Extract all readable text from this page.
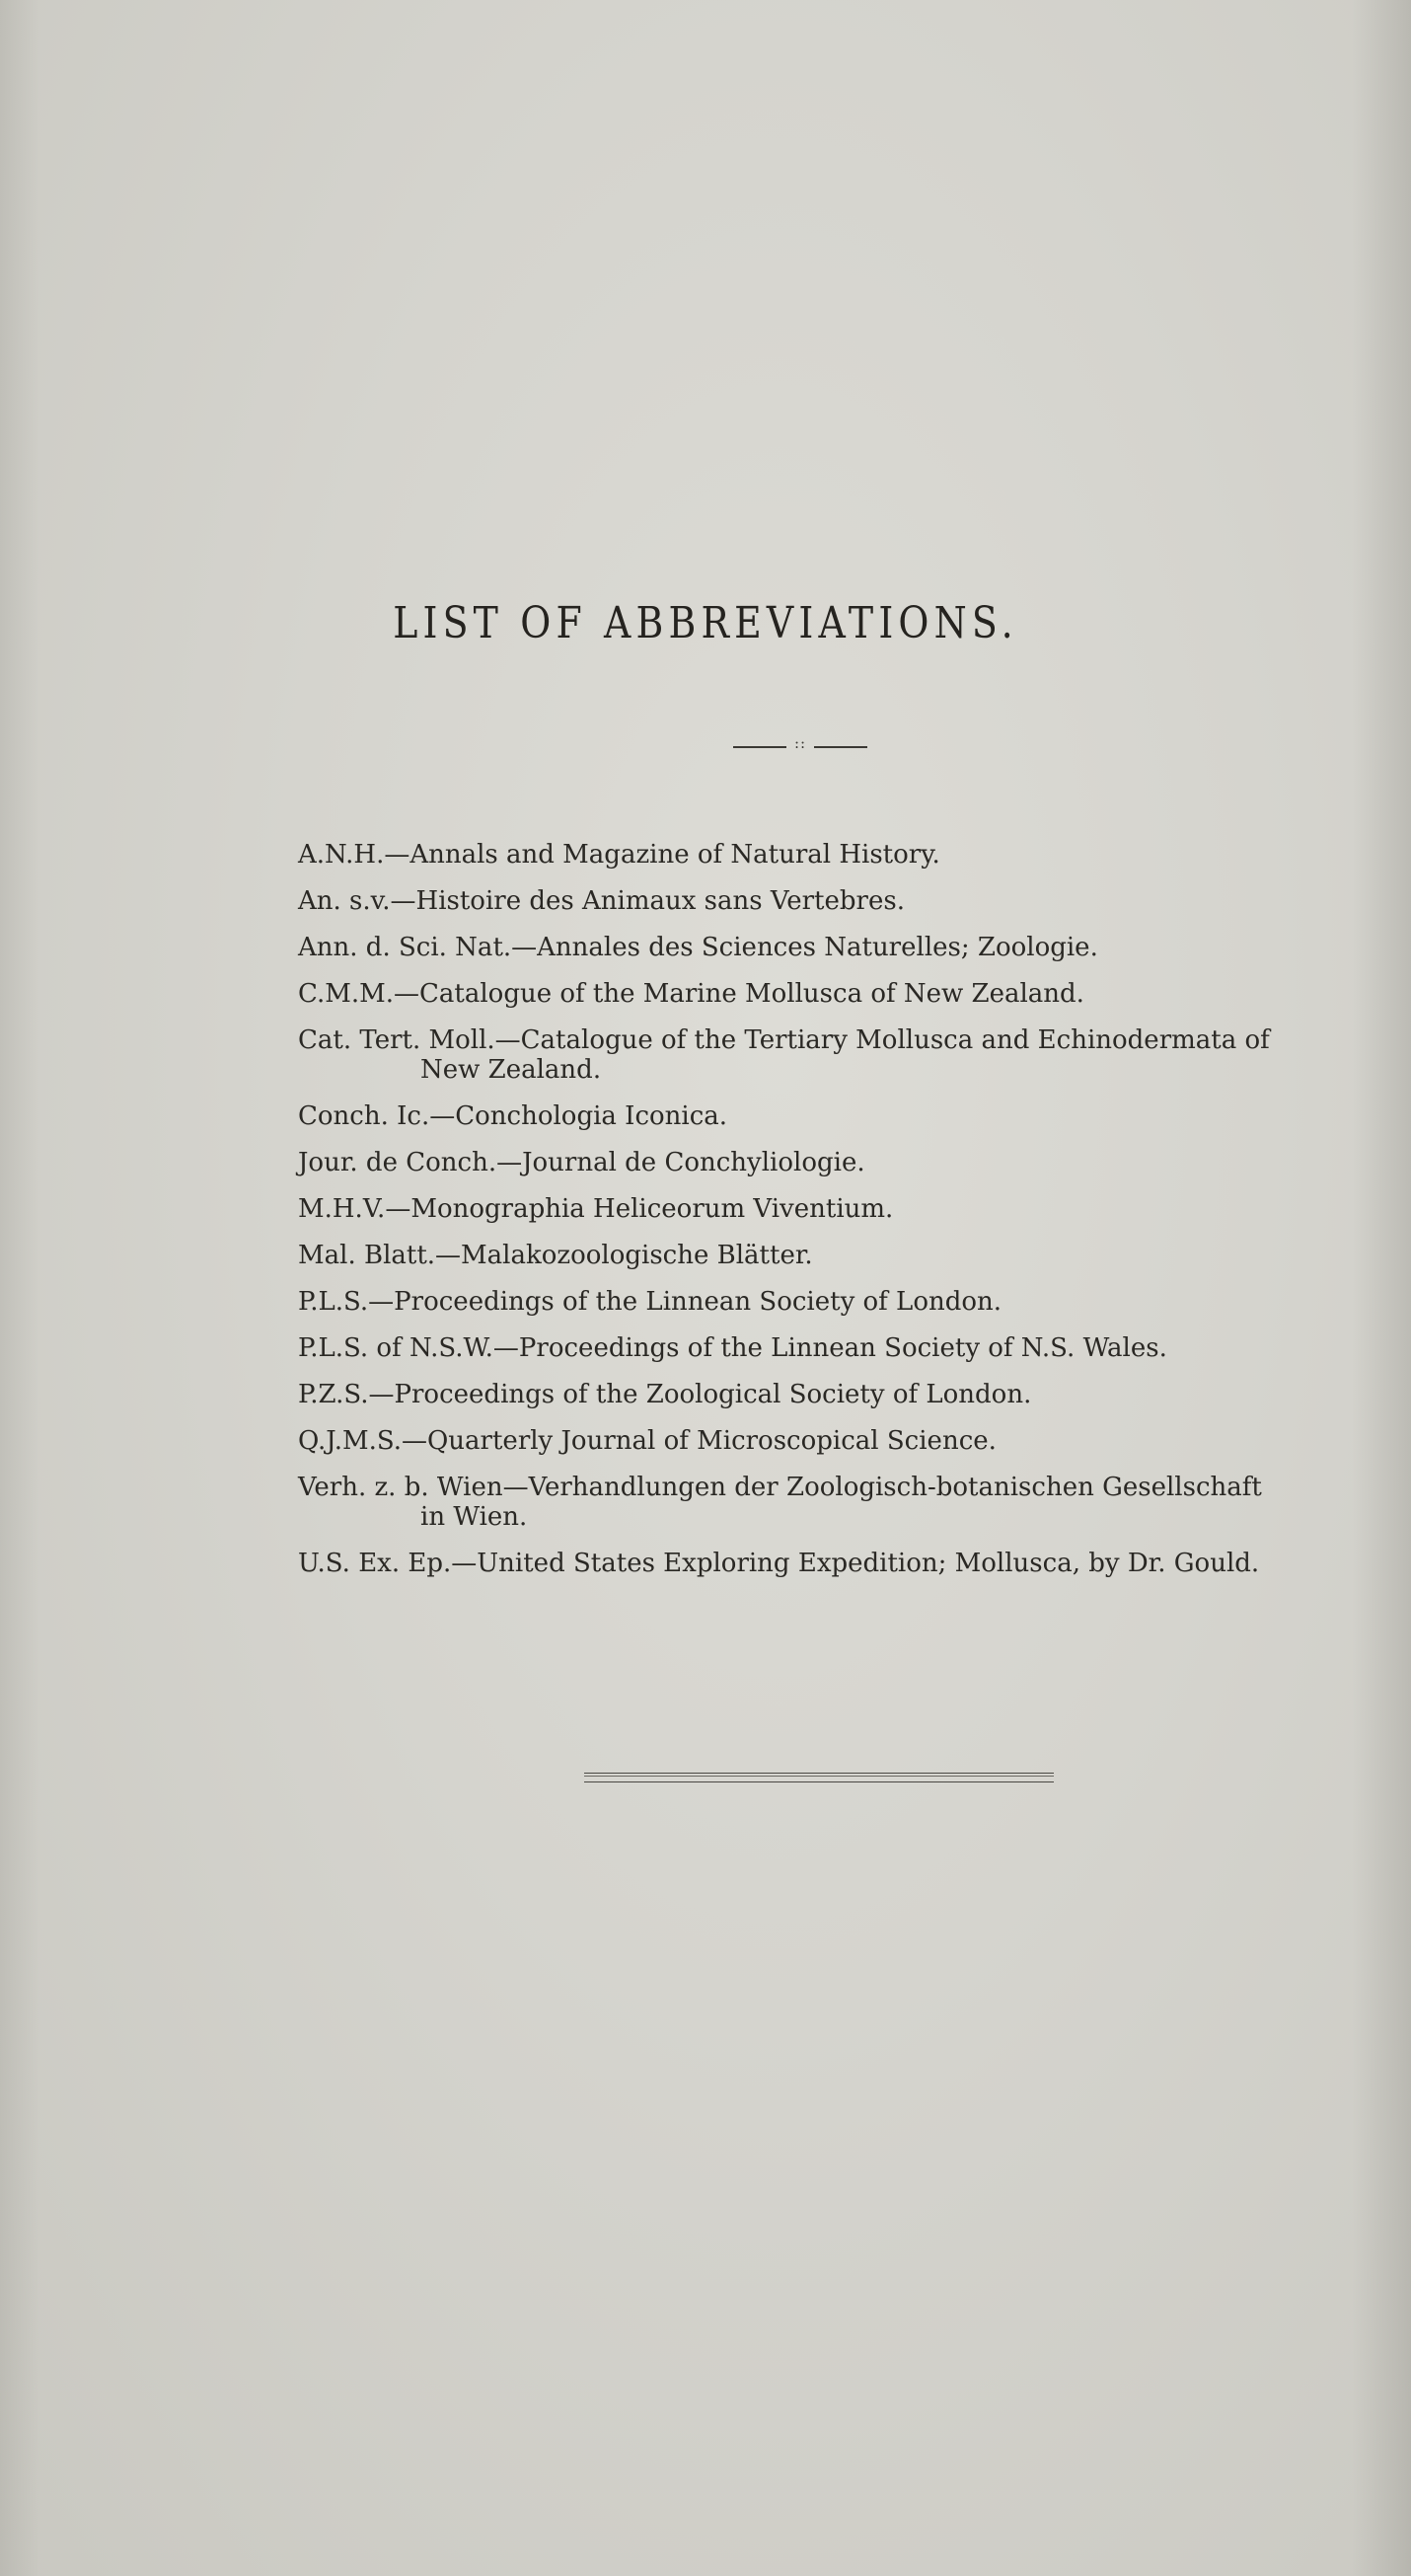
LIST OF ABBREVIATIONS.
::
A.N.H.—Annals and Magazine of Natural History.
An. s.v.—Histoire des Animaux sans Vertebres.
Ann. d. Sci. Nat.—Annales des Sciences Naturelles; Zoologie.
C.M.M.—Catalogue of the Marine Mollusca of New Zealand.
Cat. Tert. Moll.—Catalogue of the Tertiary Mollusca and Echinodermata of
New Zealand.
Conch. Ic.—Conchologia Iconica.
Jour. de Conch.—Journal de Conchyliologie.
M.H.V.—Monographia Heliceorum Viventium.
Mal. Blatt.—Malakozoologische Blätter.
P.L.S.—Proceedings of the Linnean Society of London.
P.L.S. of N.S.W.—Proceedings of the Linnean Society of N.S. Wales.
P.Z.S.—Proceedings of the Zoological Society of London.
Q.J.M.S.—Quarterly Journal of Microscopical Science.
Verh. z. b. Wien—Verhandlungen der Zoologisch-botanischen Gesellschaft
in Wien.
U.S. Ex. Ep.—United States Exploring Expedition; Mollusca, by Dr. Gould.
